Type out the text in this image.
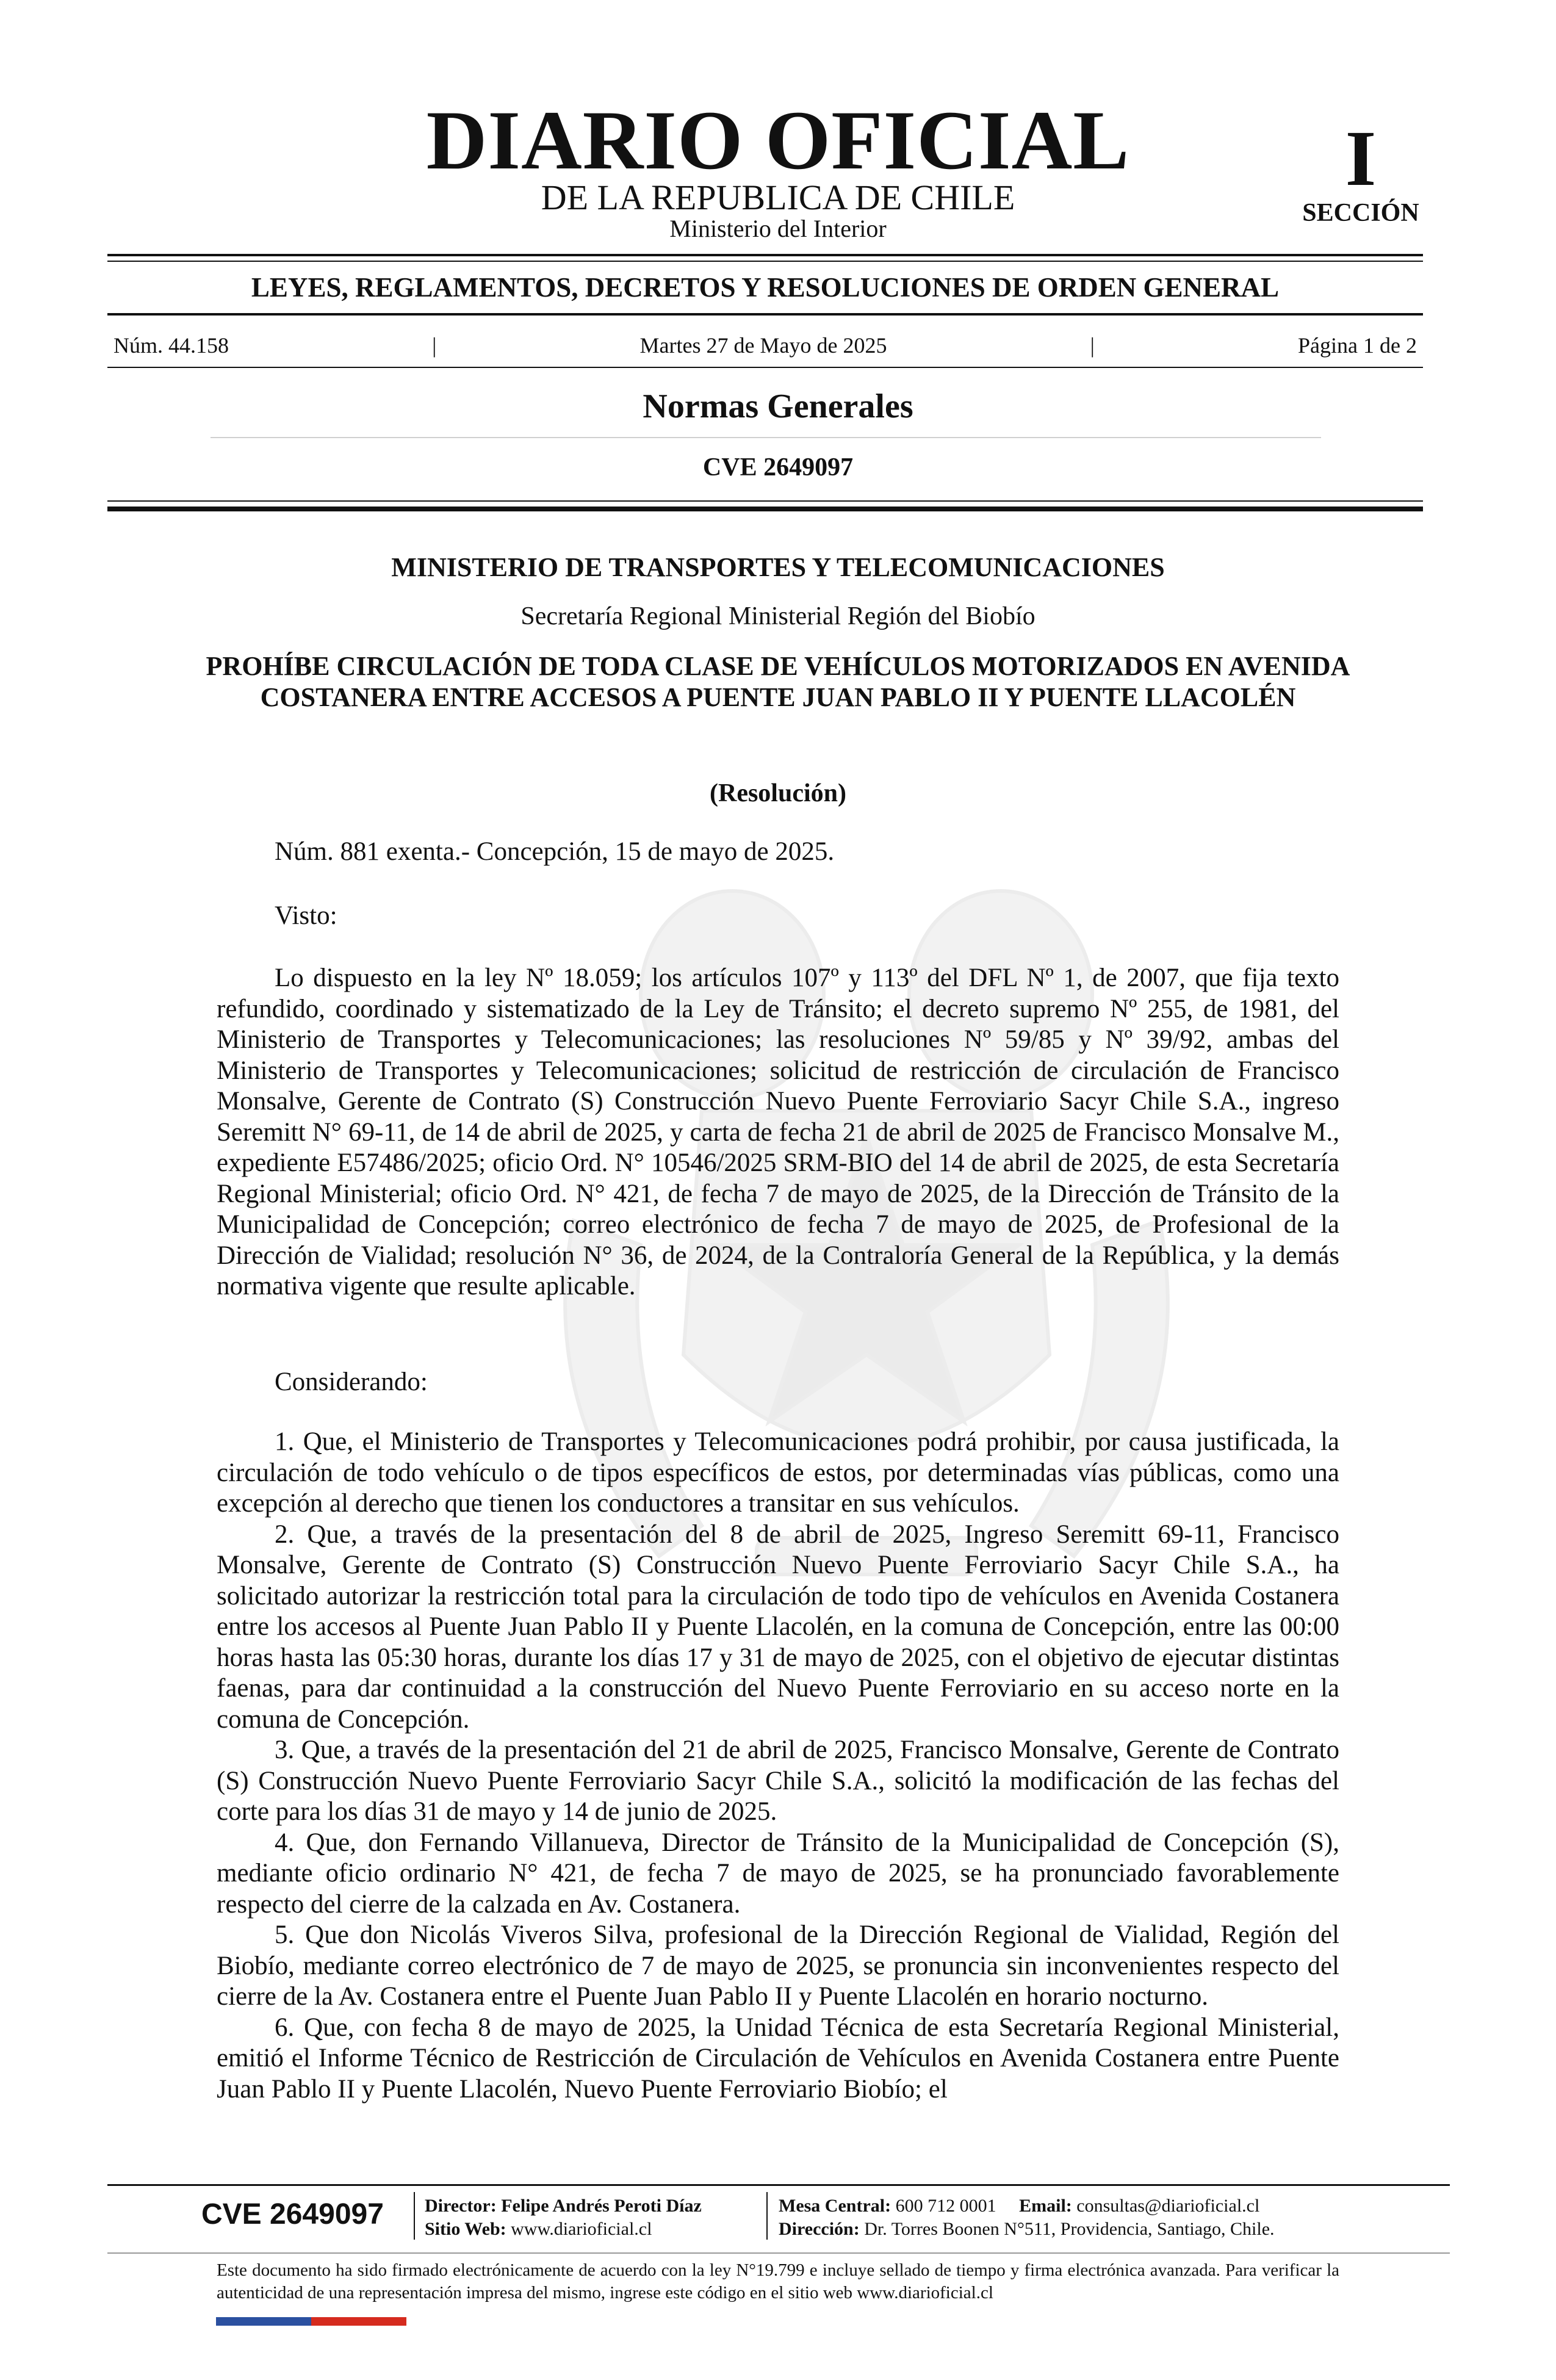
DIARIO OFICIAL
DE LA REPUBLICA DE CHILE
Ministerio del Interior
I
SECCIÓN
LEYES, REGLAMENTOS, DECRETOS Y RESOLUCIONES DE ORDEN GENERAL
Núm. 44.158	|	Martes 27 de Mayo de 2025	|	Página 1 de 2
Normas Generales
CVE 2649097
MINISTERIO DE TRANSPORTES Y TELECOMUNICACIONES
Secretaría Regional Ministerial Región del Biobío
PROHÍBE CIRCULACIÓN DE TODA CLASE DE VEHÍCULOS MOTORIZADOS EN AVENIDA COSTANERA ENTRE ACCESOS A PUENTE JUAN PABLO II Y PUENTE LLACOLÉN
(Resolución)

Núm. 881 exenta.- Concepción, 15 de mayo de 2025.

Visto:

Lo dispuesto en la ley Nº 18.059; los artículos 107º y 113º del DFL Nº 1, de 2007, que fija texto refundido, coordinado y sistematizado de la Ley de Tránsito; el decreto supremo Nº 255, de 1981, del Ministerio de Transportes y Telecomunicaciones; las resoluciones Nº 59/85 y Nº 39/92, ambas del Ministerio de Transportes y Telecomunicaciones; solicitud de restricción de circulación de Francisco Monsalve, Gerente de Contrato (S) Construcción Nuevo Puente Ferroviario Sacyr Chile S.A., ingreso Seremitt N° 69-11, de 14 de abril de 2025, y carta de fecha 21 de abril de 2025 de Francisco Monsalve M., expediente E57486/2025; oficio Ord. N° 10546/2025 SRM-BIO del 14 de abril de 2025, de esta Secretaría Regional Ministerial; oficio Ord. N° 421, de fecha 7 de mayo de 2025, de la Dirección de Tránsito de la Municipalidad de Concepción; correo electrónico de fecha 7 de mayo de 2025, de Profesional de la Dirección de Vialidad; resolución N° 36, de 2024, de la Contraloría General de la República, y la demás normativa vigente que resulte aplicable.

Considerando:

1. Que, el Ministerio de Transportes y Telecomunicaciones podrá prohibir, por causa justificada, la circulación de todo vehículo o de tipos específicos de estos, por determinadas vías públicas, como una excepción al derecho que tienen los conductores a transitar en sus vehículos.

2. Que, a través de la presentación del 8 de abril de 2025, Ingreso Seremitt 69-11, Francisco Monsalve, Gerente de Contrato (S) Construcción Nuevo Puente Ferroviario Sacyr Chile S.A., ha solicitado autorizar la restricción total para la circulación de todo tipo de vehículos en Avenida Costanera entre los accesos al Puente Juan Pablo II y Puente Llacolén, en la comuna de Concepción, entre las 00:00 horas hasta las 05:30 horas, durante los días 17 y 31 de mayo de 2025, con el objetivo de ejecutar distintas faenas, para dar continuidad a la construcción del Nuevo Puente Ferroviario en su acceso norte en la comuna de Concepción.

3. Que, a través de la presentación del 21 de abril de 2025, Francisco Monsalve, Gerente de Contrato (S) Construcción Nuevo Puente Ferroviario Sacyr Chile S.A., solicitó la modificación de las fechas del corte para los días 31 de mayo y 14 de junio de 2025.

4. Que, don Fernando Villanueva, Director de Tránsito de la Municipalidad de Concepción (S), mediante oficio ordinario N° 421, de fecha 7 de mayo de 2025, se ha pronunciado favorablemente respecto del cierre de la calzada en Av. Costanera.

5. Que don Nicolás Viveros Silva, profesional de la Dirección Regional de Vialidad, Región del Biobío, mediante correo electrónico de 7 de mayo de 2025, se pronuncia sin inconvenientes respecto del cierre de la Av. Costanera entre el Puente Juan Pablo II y Puente Llacolén en horario nocturno.

6. Que, con fecha 8 de mayo de 2025, la Unidad Técnica de esta Secretaría Regional Ministerial, emitió el Informe Técnico de Restricción de Circulación de Vehículos en Avenida Costanera entre Puente Juan Pablo II y Puente Llacolén, Nuevo Puente Ferroviario Biobío; el

CVE 2649097	Director: Felipe Andrés Peroti Díaz
Sitio Web: www.diarioficial.cl
Mesa Central: 600 712 0001 Email: consultas@diarioficial.cl
Dirección: Dr. Torres Boonen N°511, Providencia, Santiago, Chile.
Este documento ha sido firmado electrónicamente de acuerdo con la ley N°19.799 e incluye sellado de tiempo y firma electrónica avanzada. Para verificar la autenticidad de una representación impresa del mismo, ingrese este código en el sitio web www.diarioficial.cl
